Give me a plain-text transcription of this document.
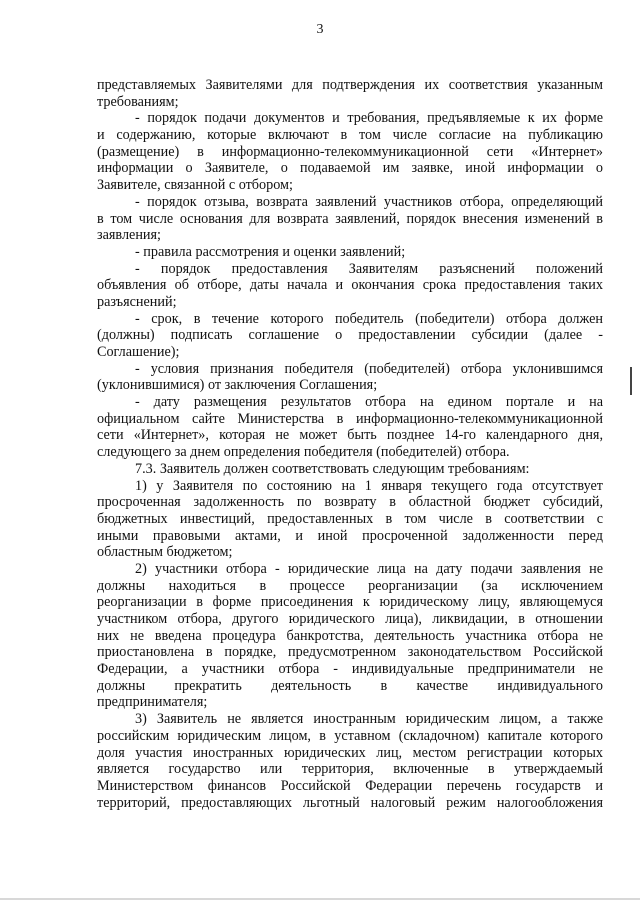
3
представляемых Заявителями для подтверждения их соответствия указанным
требованиям;
- порядок подачи документов и требования, предъявляемые к их форме
и содержанию, которые включают в том числе согласие на публикацию
(размещение) в информационно-телекоммуникационной сети «Интернет»
информации о Заявителе, о подаваемой им заявке, иной информации о
Заявителе, связанной с отбором;
- порядок отзыва, возврата заявлений участников отбора, определяющий
в том числе основания для возврата заявлений, порядок внесения изменений в
заявления;
- правила рассмотрения и оценки заявлений;
- порядок предоставления Заявителям разъяснений положений
объявления об отборе, даты начала и окончания срока предоставления таких
разъяснений;
- срок, в течение которого победитель (победители) отбора должен
(должны) подписать соглашение о предоставлении субсидии (далее -
Соглашение);
- условия признания победителя (победителей) отбора уклонившимся
(уклонившимися) от заключения Соглашения;
- дату размещения результатов отбора на едином портале и на
официальном сайте Министерства в информационно-телекоммуникационной
сети «Интернет», которая не может быть позднее 14-го календарного дня,
следующего за днем определения победителя (победителей) отбора.
7.3. Заявитель должен соответствовать следующим требованиям:
1) у Заявителя по состоянию на 1 января текущего года отсутствует
просроченная задолженность по возврату в областной бюджет субсидий,
бюджетных инвестиций, предоставленных в том числе в соответствии с
иными правовыми актами, и иной просроченной задолженности перед
областным бюджетом;
2) участники отбора - юридические лица на дату подачи заявления не
должны находиться в процессе реорганизации (за исключением
реорганизации в форме присоединения к юридическому лицу, являющемуся
участником отбора, другого юридического лица), ликвидации, в отношении
них не введена процедура банкротства, деятельность участника отбора не
приостановлена в порядке, предусмотренном законодательством Российской
Федерации, а участники отбора - индивидуальные предприниматели не
должны прекратить деятельность в качестве индивидуального
предпринимателя;
3) Заявитель не является иностранным юридическим лицом, а также
российским юридическим лицом, в уставном (складочном) капитале которого
доля участия иностранных юридических лиц, местом регистрации которых
является государство или территория, включенные в утверждаемый
Министерством финансов Российской Федерации перечень государств и
территорий, предоставляющих льготный налоговый режим налогообложения
